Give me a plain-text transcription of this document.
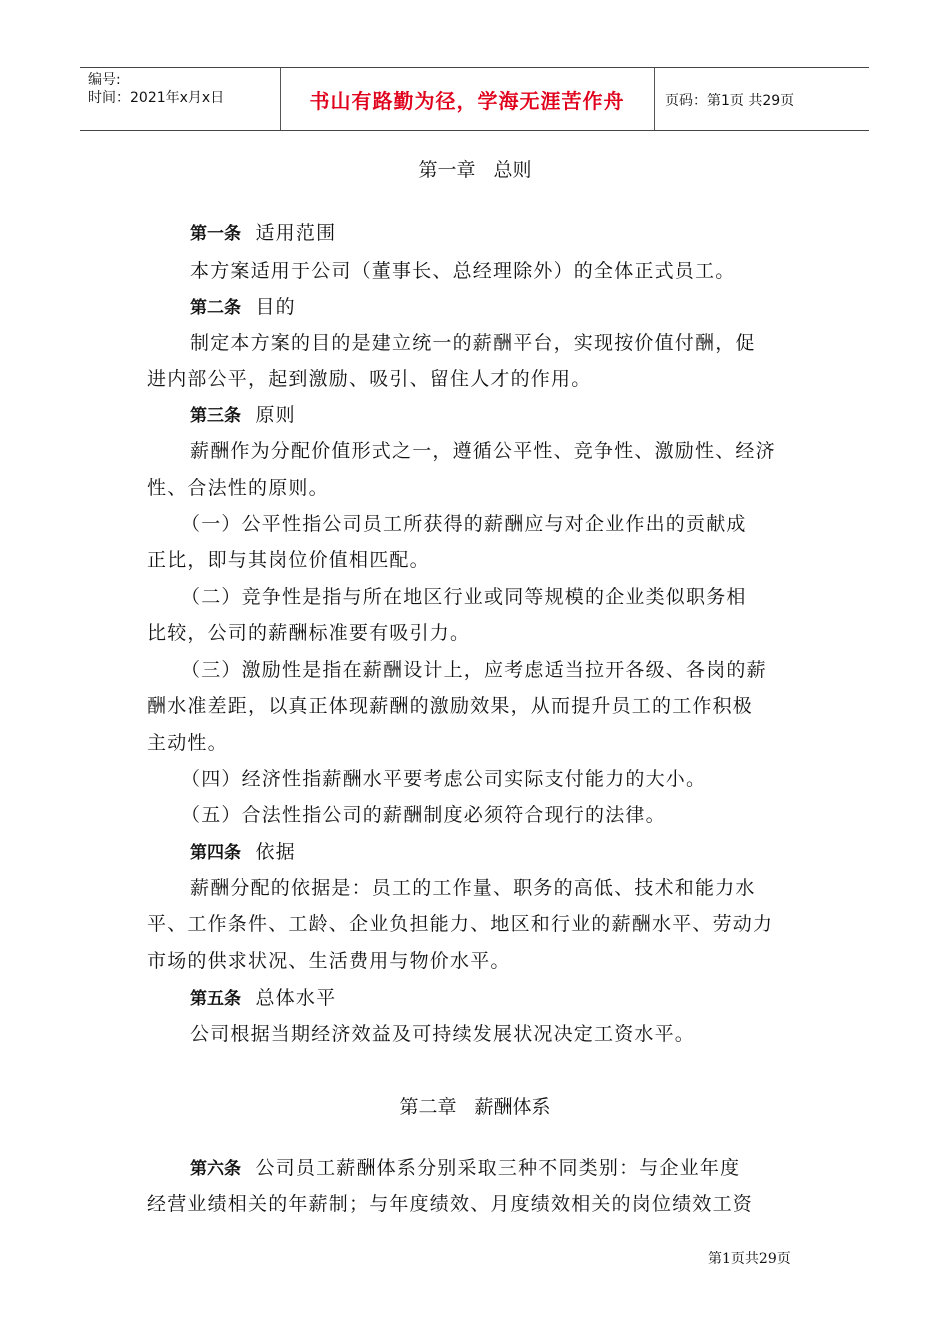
编号:
时间：2021年x月x日	书山有路勤为径，学海无涯苦作舟	页码：第1页 共29页
第一章 总则
第一条 适用范围
本方案适用于公司（董事长、总经理除外）的全体正式员工。
第二条 目的
制定本方案的目的是建立统一的薪酬平台，实现按价值付酬，促
进内部公平，起到激励、吸引、留住人才的作用。
第三条 原则
薪酬作为分配价值形式之一，遵循公平性、竞争性、激励性、经济
性、合法性的原则。
（一）公平性指公司员工所获得的薪酬应与对企业作出的贡献成
正比，即与其岗位价值相匹配。
（二）竞争性是指与所在地区行业或同等规模的企业类似职务相
比较，公司的薪酬标准要有吸引力。
（三）激励性是指在薪酬设计上，应考虑适当拉开各级、各岗的薪
酬水准差距，以真正体现薪酬的激励效果，从而提升员工的工作积极
主动性。
（四）经济性指薪酬水平要考虑公司实际支付能力的大小。
（五）合法性指公司的薪酬制度必须符合现行的法律。
第四条 依据
薪酬分配的依据是：员工的工作量、职务的高低、技术和能力水
平、工作条件、工龄、企业负担能力、地区和行业的薪酬水平、劳动力
市场的供求状况、生活费用与物价水平。
第五条 总体水平
公司根据当期经济效益及可持续发展状况决定工资水平。
第二章 薪酬体系
第六条 公司员工薪酬体系分别采取三种不同类别：与企业年度
经营业绩相关的年薪制；与年度绩效、月度绩效相关的岗位绩效工资
第1页共29页
